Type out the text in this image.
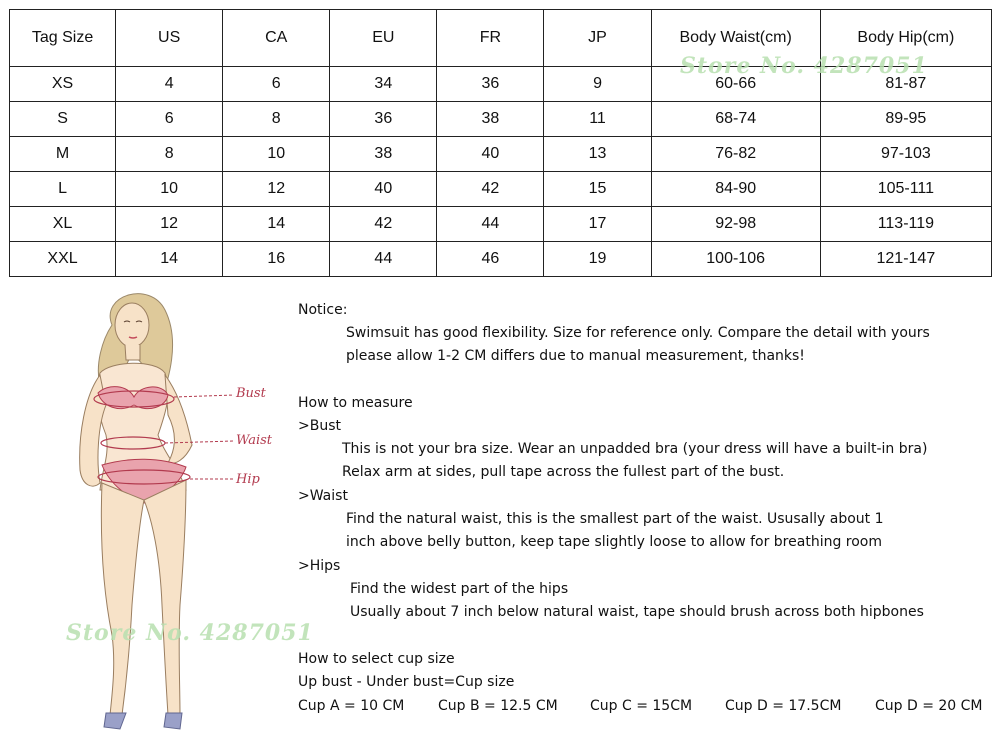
Tag Size	US	CA	EU	FR	JP	Body Waist(cm)	Body Hip(cm)
XS	4	6	34	36	9	60-66	81-87
S	6	8	36	38	11	68-74	89-95
M	8	10	38	40	13	76-82	97-103
L	10	12	40	42	15	84-90	105-111
XL	12	14	42	44	17	92-98	113-119
XXL	14	16	44	46	19	100-106	121-147
Store No. 4287051
Bust
Waist
Hip
Store No. 4287051
Notice:
Swimsuit has good flexibility. Size for reference only. Compare the detail with yours
please allow 1-2 CM differs due to manual measurement, thanks!
How to measure
>Bust
This is not your bra size. Wear an unpadded bra (your dress will have a built-in bra)
Relax arm at sides, pull tape across the fullest part of the bust.
>Waist
Find the natural waist, this is the smallest part of the waist. Ususally about 1
inch above belly button, keep tape slightly loose to allow for breathing room
>Hips
Find the widest part of the hips
Usually about 7 inch below natural waist, tape should brush across both hipbones
How to select cup size
Up bust - Under bust=Cup size
Cup A = 10 CM Cup B = 12.5 CM Cup C = 15CM Cup D = 17.5CM Cup D = 20 CM
